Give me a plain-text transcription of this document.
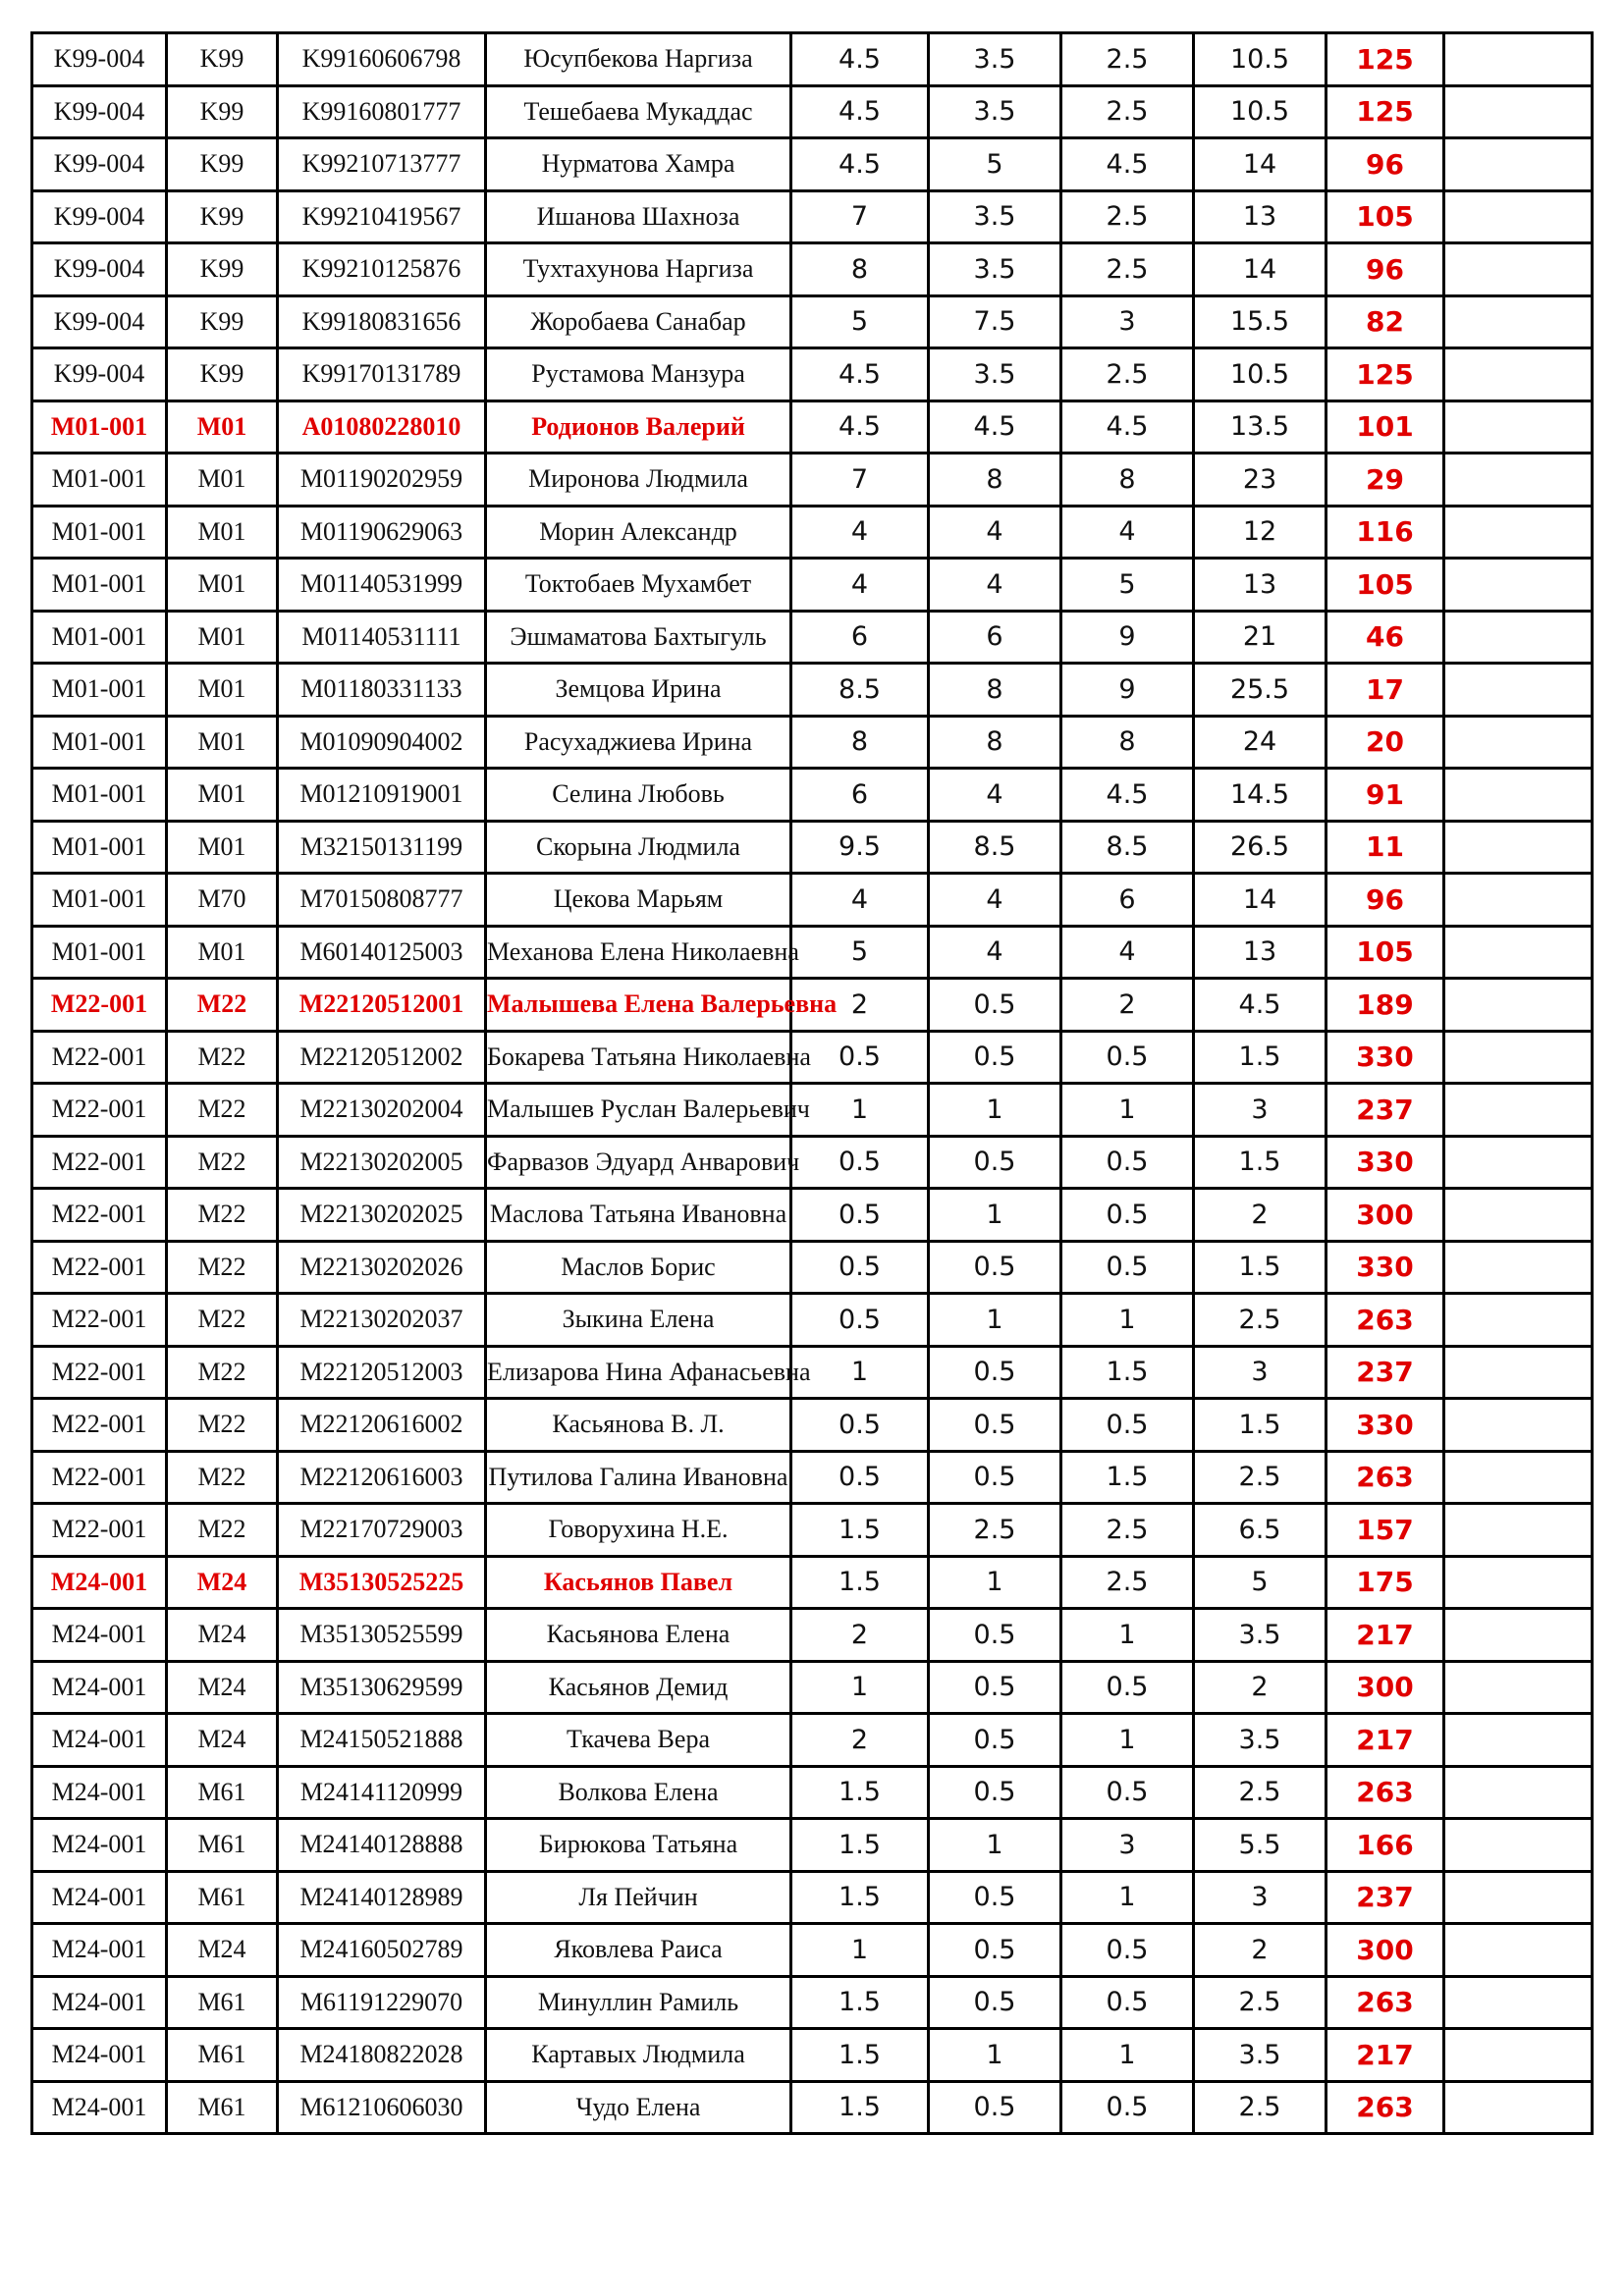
K99-004	K99	K99160606798	Юсупбекова Наргиза	4.5	3.5	2.5	10.5	125	
K99-004	K99	K99160801777	Тешебаева Мукаддас	4.5	3.5	2.5	10.5	125	
K99-004	K99	K99210713777	Нурматова Хамра	4.5	5	4.5	14	96	
K99-004	K99	K99210419567	Ишанова Шахноза	7	3.5	2.5	13	105	
K99-004	K99	K99210125876	Тухтахунова Наргиза	8	3.5	2.5	14	96	
K99-004	K99	K99180831656	Жоробаева Санабар	5	7.5	3	15.5	82	
K99-004	K99	K99170131789	Рустамова Манзура	4.5	3.5	2.5	10.5	125	
M01-001	M01	A01080228010	Родионов Валерий	4.5	4.5	4.5	13.5	101	
M01-001	M01	M01190202959	Миронова Людмила	7	8	8	23	29	
M01-001	M01	M01190629063	Морин Александр	4	4	4	12	116	
M01-001	M01	M01140531999	Токтобаев Мухамбет	4	4	5	13	105	
M01-001	M01	M01140531111	Эшмаматова Бахтыгуль	6	6	9	21	46	
M01-001	M01	M01180331133	Земцова Ирина	8.5	8	9	25.5	17	
M01-001	M01	M01090904002	Расухаджиева Ирина	8	8	8	24	20	
M01-001	M01	M01210919001	Селина Любовь	6	4	4.5	14.5	91	
M01-001	M01	M32150131199	Скорына Людмила	9.5	8.5	8.5	26.5	11	
M01-001	M70	M70150808777	Цекова Марьям	4	4	6	14	96	
M01-001	M01	M60140125003	Механова Елена Николаевна	5	4	4	13	105	
M22-001	M22	M22120512001	Малышева Елена Валерьевна	2	0.5	2	4.5	189	
M22-001	M22	M22120512002	Бокарева Татьяна Николаевна	0.5	0.5	0.5	1.5	330	
M22-001	M22	M22130202004	Малышев Руслан Валерьевич	1	1	1	3	237	
M22-001	M22	M22130202005	Фарвазов Эдуард Анварович	0.5	0.5	0.5	1.5	330	
M22-001	M22	M22130202025	Маслова Татьяна Ивановна	0.5	1	0.5	2	300	
M22-001	M22	M22130202026	Маслов Борис	0.5	0.5	0.5	1.5	330	
M22-001	M22	M22130202037	Зыкина Елена	0.5	1	1	2.5	263	
M22-001	M22	M22120512003	Елизарова Нина Афанасьевна	1	0.5	1.5	3	237	
M22-001	M22	M22120616002	Касьянова В. Л.	0.5	0.5	0.5	1.5	330	
M22-001	M22	M22120616003	Путилова Галина Ивановна	0.5	0.5	1.5	2.5	263	
M22-001	M22	M22170729003	Говорухина Н.Е.	1.5	2.5	2.5	6.5	157	
M24-001	M24	M35130525225	Касьянов Павел	1.5	1	2.5	5	175	
M24-001	M24	M35130525599	Касьянова Елена	2	0.5	1	3.5	217	
M24-001	M24	M35130629599	Касьянов Демид	1	0.5	0.5	2	300	
M24-001	M24	M24150521888	Ткачева Вера	2	0.5	1	3.5	217	
M24-001	M61	M24141120999	Волкова Елена	1.5	0.5	0.5	2.5	263	
M24-001	M61	M24140128888	Бирюкова Татьяна	1.5	1	3	5.5	166	
M24-001	M61	M24140128989	Ля Пейчин	1.5	0.5	1	3	237	
M24-001	M24	M24160502789	Яковлева Раиса	1	0.5	0.5	2	300	
M24-001	M61	M61191229070	Минуллин Рамиль	1.5	0.5	0.5	2.5	263	
M24-001	M61	M24180822028	Картавых Людмила	1.5	1	1	3.5	217	
M24-001	M61	M61210606030	Чудо Елена	1.5	0.5	0.5	2.5	263	
